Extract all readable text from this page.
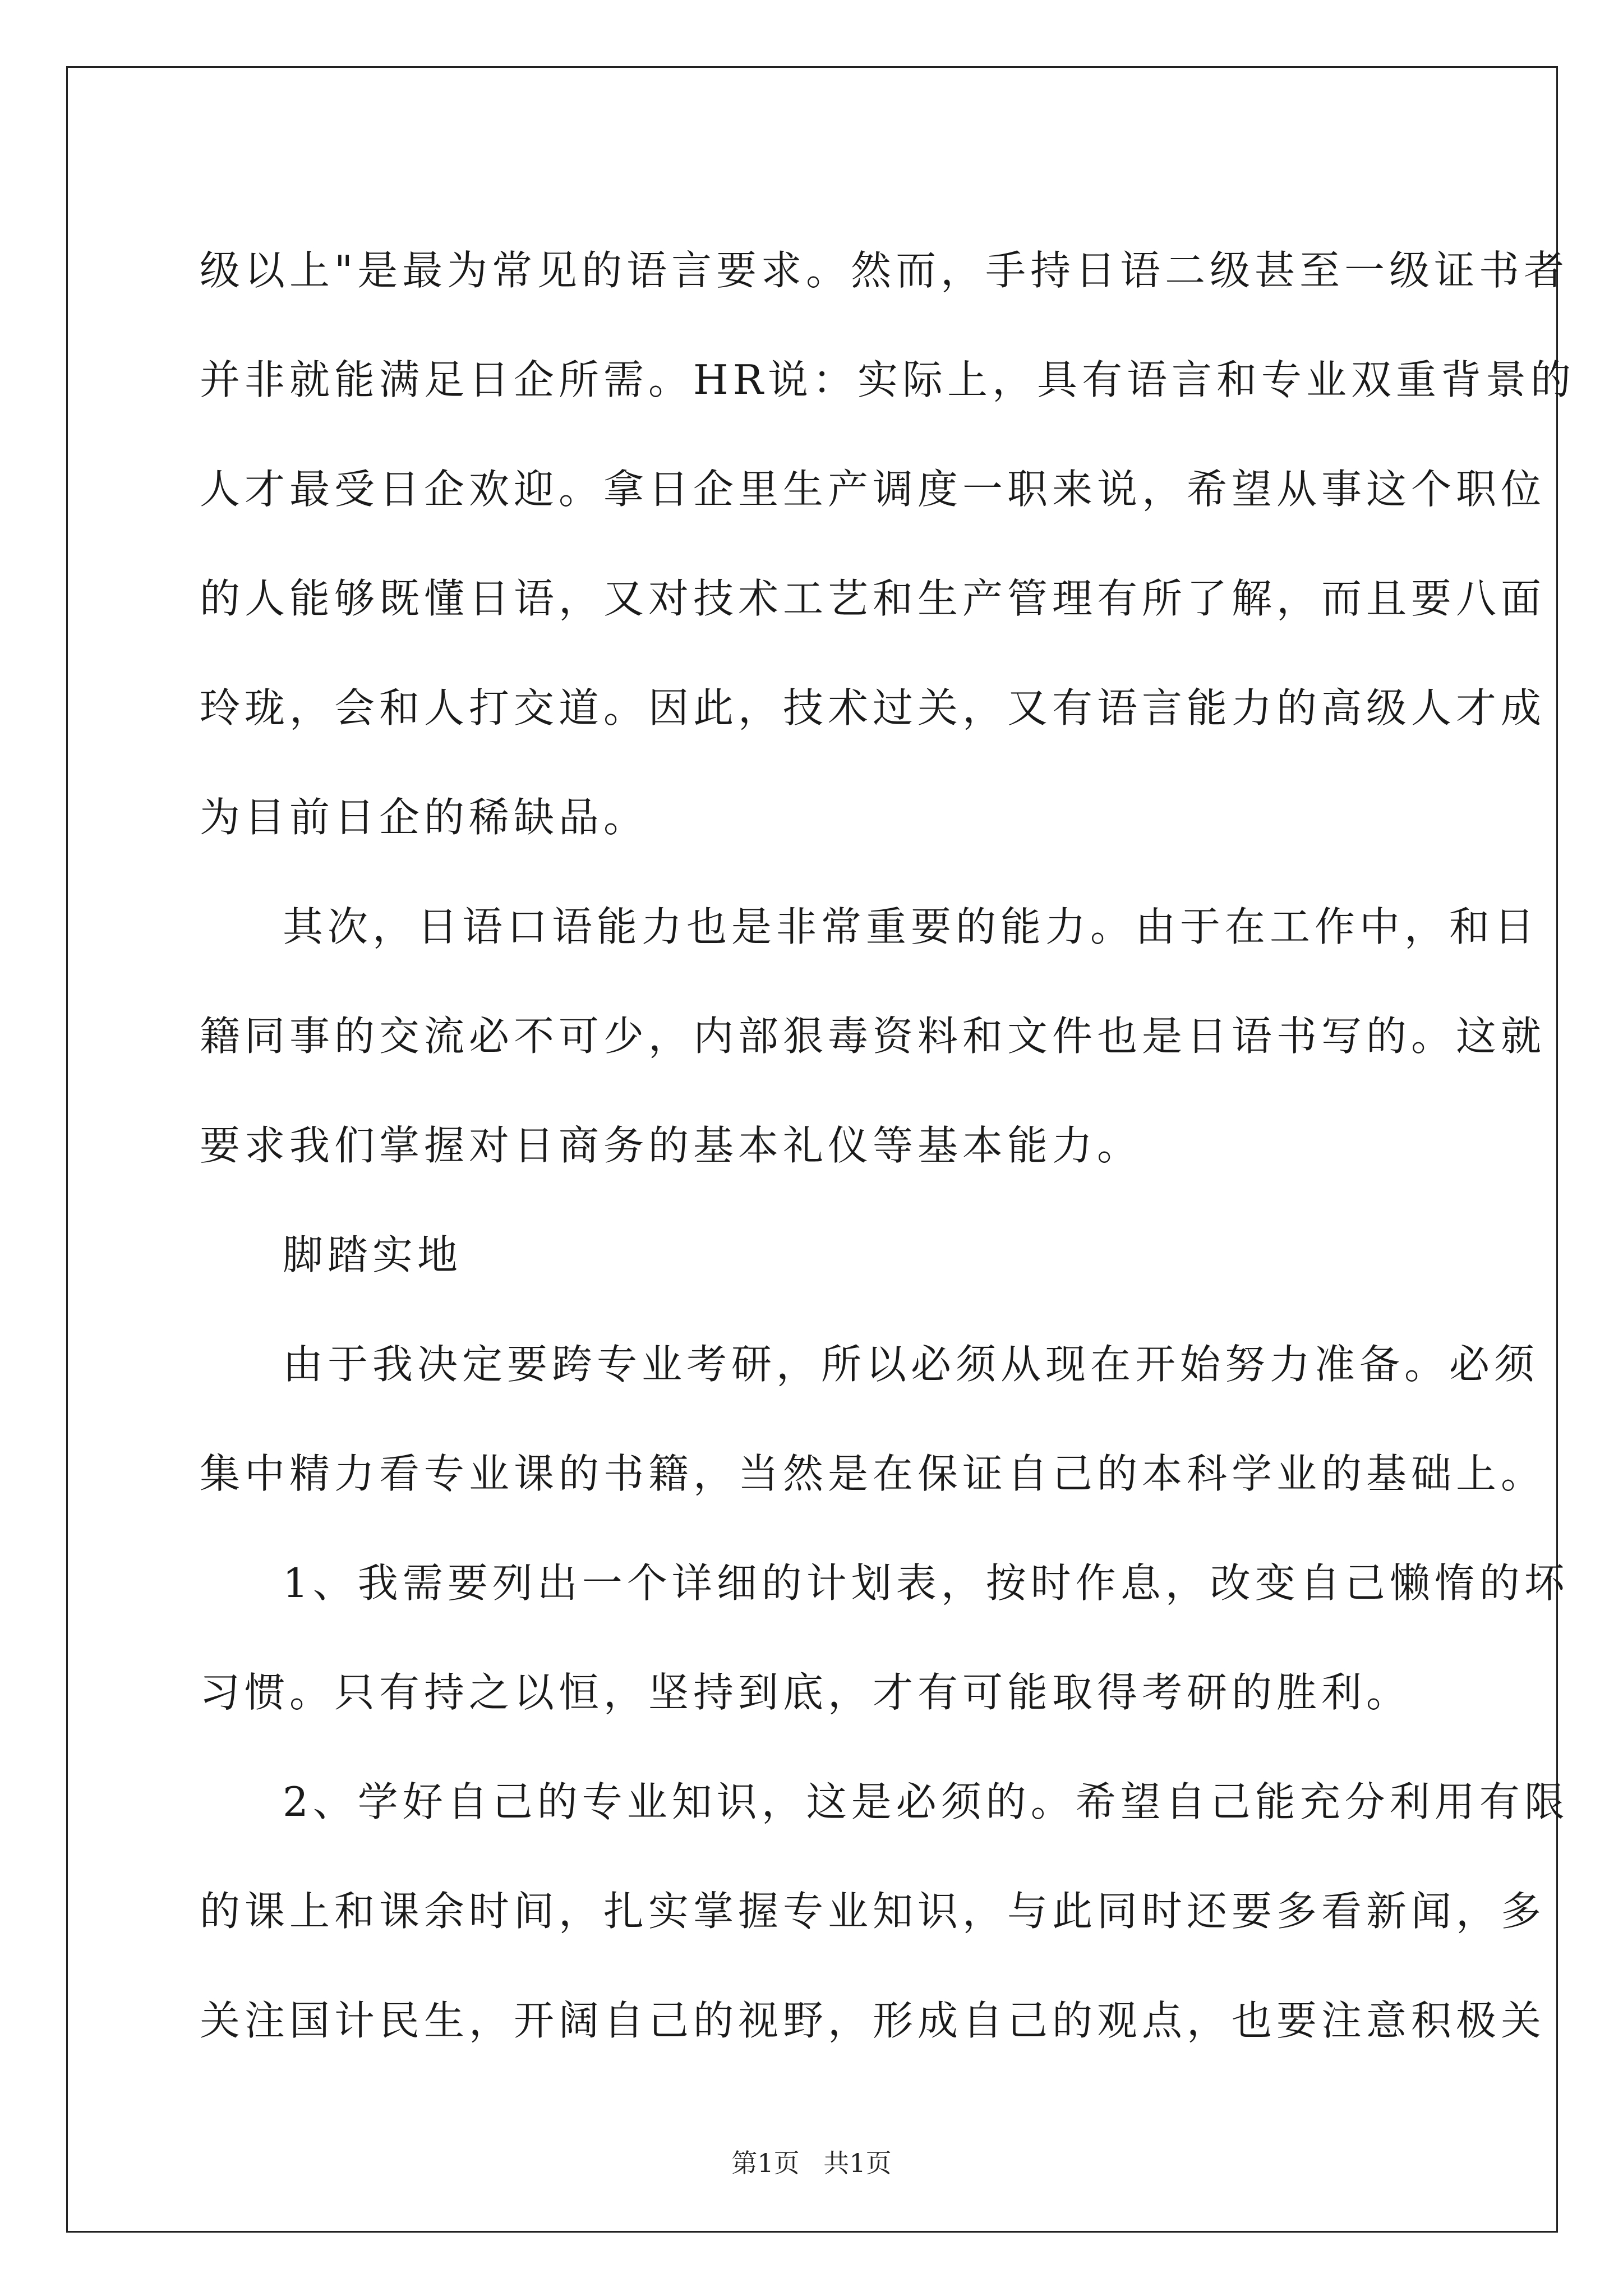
级以上"是最为常见的语言要求。然而，手持日语二级甚至一级证书者
并非就能满足日企所需。HR说：实际上，具有语言和专业双重背景的
人才最受日企欢迎。拿日企里生产调度一职来说，希望从事这个职位
的人能够既懂日语，又对技术工艺和生产管理有所了解，而且要八面
玲珑，会和人打交道。因此，技术过关，又有语言能力的高级人才成
为目前日企的稀缺品。
其次，日语口语能力也是非常重要的能力。由于在工作中，和日
籍同事的交流必不可少，内部狠毒资料和文件也是日语书写的。这就
要求我们掌握对日商务的基本礼仪等基本能力。
脚踏实地
由于我决定要跨专业考研，所以必须从现在开始努力准备。必须
集中精力看专业课的书籍，当然是在保证自己的本科学业的基础上。
1、我需要列出一个详细的计划表，按时作息，改变自己懒惰的坏
习惯。只有持之以恒，坚持到底，才有可能取得考研的胜利。
2、学好自己的专业知识，这是必须的。希望自己能充分利用有限
的课上和课余时间，扎实掌握专业知识，与此同时还要多看新闻，多
关注国计民生，开阔自己的视野，形成自己的观点，也要注意积极关
第1页 共1页
